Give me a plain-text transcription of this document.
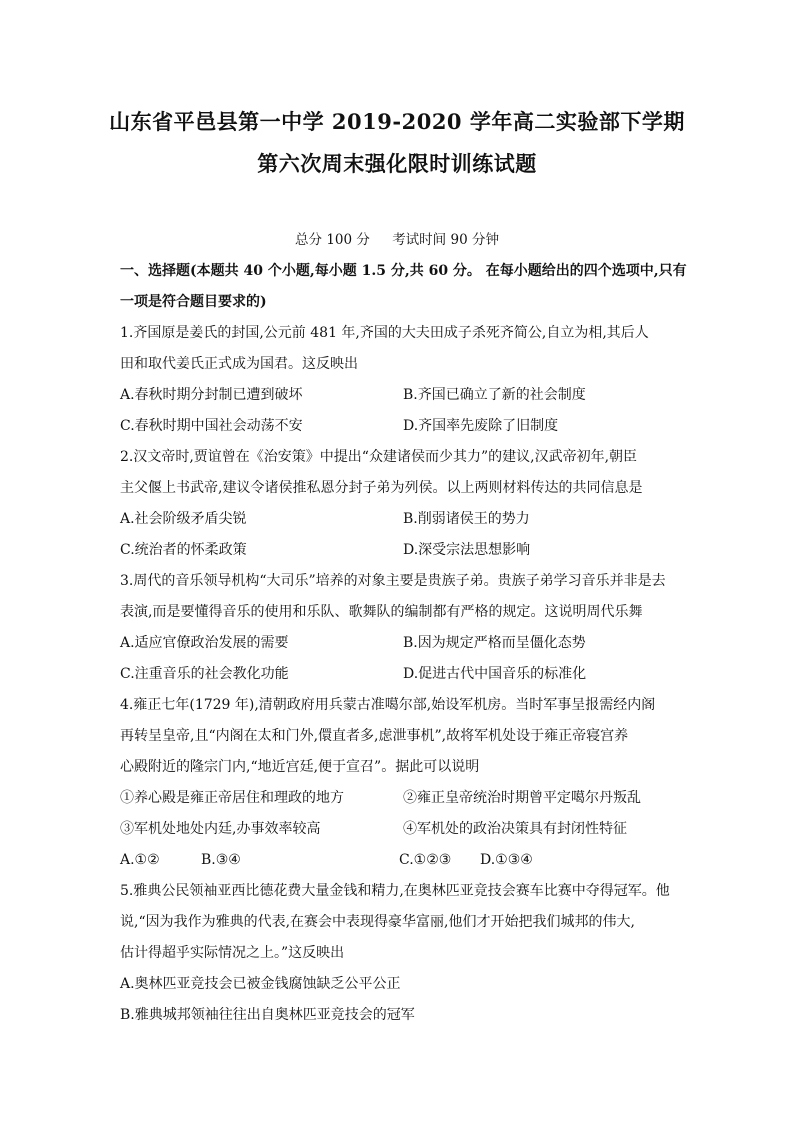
山东省平邑县第一中学 2019-2020 学年高二实验部下学期
第六次周末强化限时训练试题
总分 100 分 考试时间 90 分钟
一、选择题(本题共 40 个小题,每小题 1.5 分,共 60 分。 在每小题给出的四个选项中,只有
一项是符合题目要求的)
1.齐国原是姜氏的封国,公元前 481 年,齐国的大夫田成子杀死齐简公,自立为相,其后人
田和取代姜氏正式成为国君。这反映出
A.春秋时期分封制已遭到破坏	B.齐国已确立了新的社会制度
C.春秋时期中国社会动荡不安	D.齐国率先废除了旧制度
2.汉文帝时,贾谊曾在《治安策》中提出“众建诸侯而少其力”的建议,汉武帝初年,朝臣
主父偃上书武帝,建议令诸侯推私恩分封子弟为列侯。以上两则材料传达的共同信息是
A.社会阶级矛盾尖锐	B.削弱诸侯王的势力
C.统治者的怀柔政策	D.深受宗法思想影响
3.周代的音乐领导机构“大司乐”培养的对象主要是贵族子弟。贵族子弟学习音乐并非是去
表演,而是要懂得音乐的使用和乐队、歌舞队的编制都有严格的规定。这说明周代乐舞
A.适应官僚政治发展的需要	B.因为规定严格而呈僵化态势
C.注重音乐的社会教化功能	D.促进古代中国音乐的标准化
4.雍正七年(1729 年),清朝政府用兵蒙古准噶尔部,始设军机房。当时军事呈报需经内阁
再转呈皇帝,且“内阁在太和门外,儇直者多,虑泄事机”,故将军机处设于雍正帝寝宫养
心殿附近的隆宗门内,“地近宫廷,便于宣召”。据此可以说明
①养心殿是雍正帝居住和理政的地方	②雍正皇帝统治时期曾平定噶尔丹叛乱
③军机处地处内廷,办事效率较高	④军机处的政治决策具有封闭性特征
A.①②	B.③④	C.①②③	D.①③④
5.雅典公民领袖亚西比德花费大量金钱和精力,在奥林匹亚竞技会赛车比赛中夺得冠军。他
说,“因为我作为雅典的代表,在赛会中表现得豪华富丽,他们才开始把我们城邦的伟大,
估计得超乎实际情况之上。”这反映出
A.奥林匹亚竞技会已被金钱腐蚀缺乏公平公正
B.雅典城邦领袖往往出自奥林匹亚竞技会的冠军
